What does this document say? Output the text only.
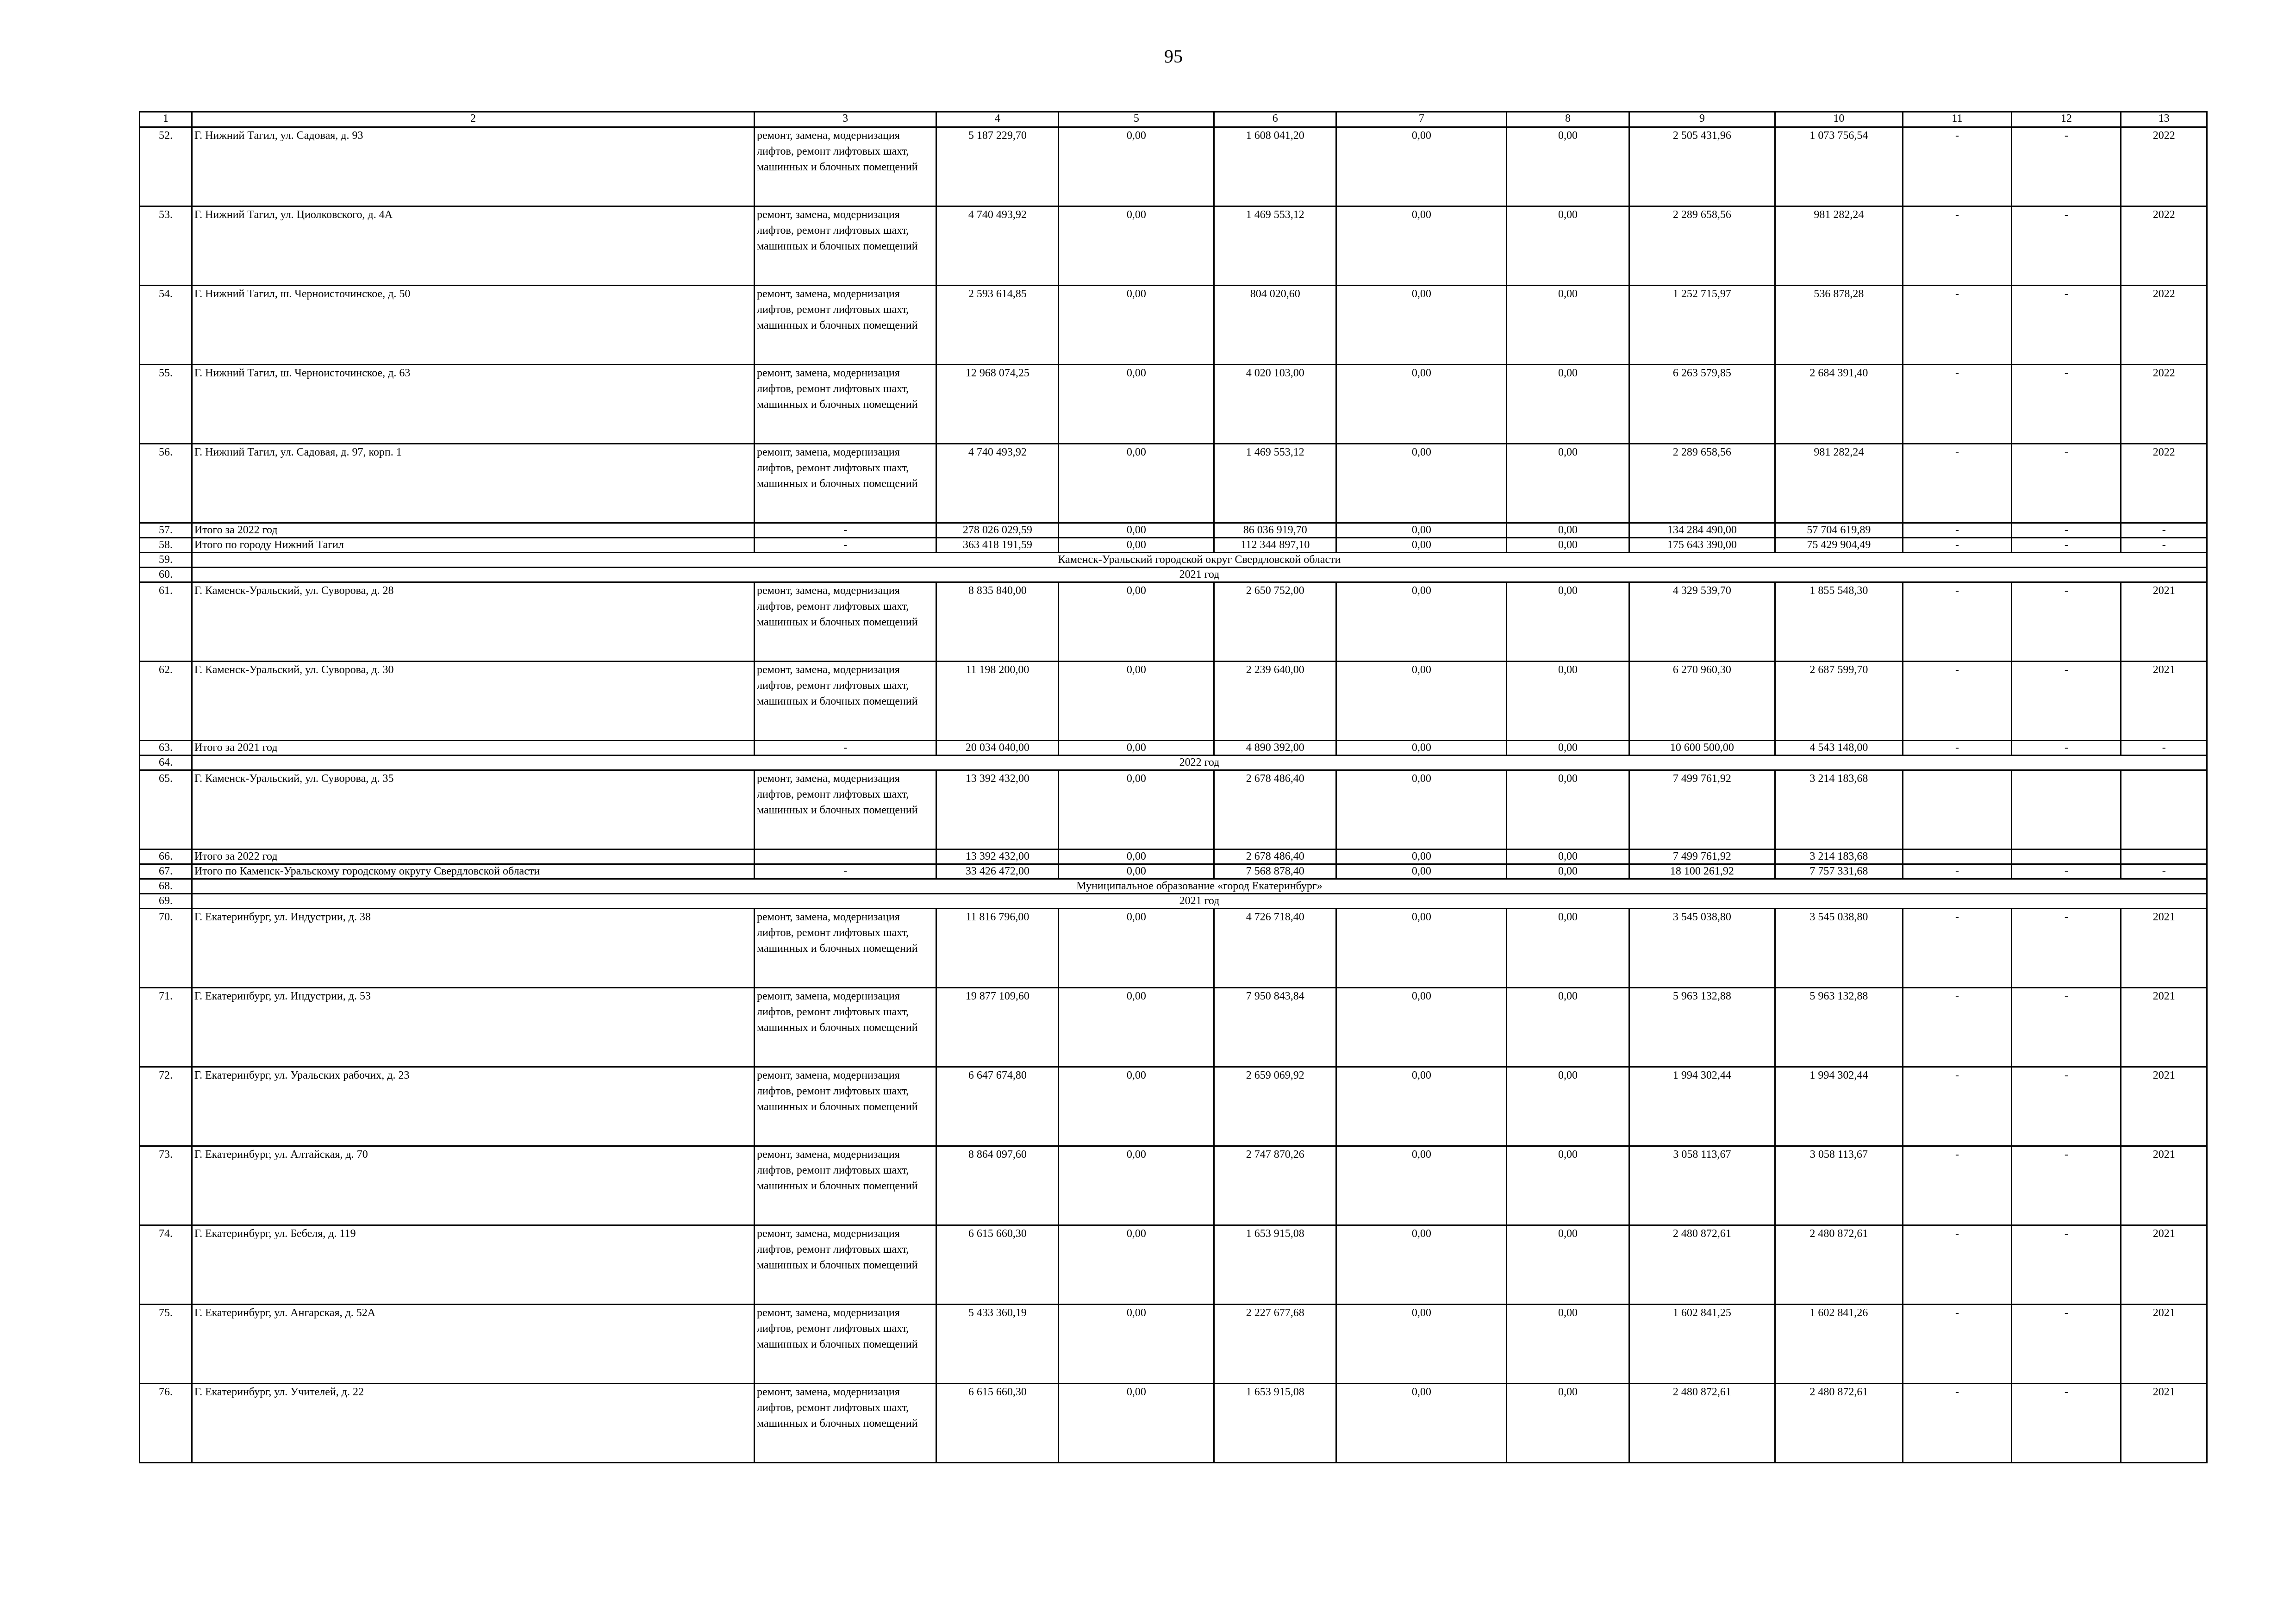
95
1	2	3	4	5	6	7	8	9	10	11	12	13
52.	Г. Нижний Тагил, ул. Садовая, д. 93	ремонт, замена, модернизация лифтов, ремонт лифтовых шахт, машинных и блочных помещений	5 187 229,70	0,00	1 608 041,20	0,00	0,00	2 505 431,96	1 073 756,54	-	-	2022
53.	Г. Нижний Тагил, ул. Циолковского, д. 4А	ремонт, замена, модернизация лифтов, ремонт лифтовых шахт, машинных и блочных помещений	4 740 493,92	0,00	1 469 553,12	0,00	0,00	2 289 658,56	981 282,24	-	-	2022
54.	Г. Нижний Тагил, ш. Черноисточинское, д. 50	ремонт, замена, модернизация лифтов, ремонт лифтовых шахт, машинных и блочных помещений	2 593 614,85	0,00	804 020,60	0,00	0,00	1 252 715,97	536 878,28	-	-	2022
55.	Г. Нижний Тагил, ш. Черноисточинское, д. 63	ремонт, замена, модернизация лифтов, ремонт лифтовых шахт, машинных и блочных помещений	12 968 074,25	0,00	4 020 103,00	0,00	0,00	6 263 579,85	2 684 391,40	-	-	2022
56.	Г. Нижний Тагил, ул. Садовая, д. 97, корп. 1	ремонт, замена, модернизация лифтов, ремонт лифтовых шахт, машинных и блочных помещений	4 740 493,92	0,00	1 469 553,12	0,00	0,00	2 289 658,56	981 282,24	-	-	2022
57.	Итого за 2022 год	-	278 026 029,59	0,00	86 036 919,70	0,00	0,00	134 284 490,00	57 704 619,89	-	-	-
58.	Итого по городу Нижний Тагил	-	363 418 191,59	0,00	112 344 897,10	0,00	0,00	175 643 390,00	75 429 904,49	-	-	-
59.	Каменск-Уральский городской округ Свердловской области											
60.	2021 год											
61.	Г. Каменск-Уральский, ул. Суворова, д. 28	ремонт, замена, модернизация лифтов, ремонт лифтовых шахт, машинных и блочных помещений	8 835 840,00	0,00	2 650 752,00	0,00	0,00	4 329 539,70	1 855 548,30	-	-	2021
62.	Г. Каменск-Уральский, ул. Суворова, д. 30	ремонт, замена, модернизация лифтов, ремонт лифтовых шахт, машинных и блочных помещений	11 198 200,00	0,00	2 239 640,00	0,00	0,00	6 270 960,30	2 687 599,70	-	-	2021
63.	Итого за 2021 год	-	20 034 040,00	0,00	4 890 392,00	0,00	0,00	10 600 500,00	4 543 148,00	-	-	-
64.	2022 год											
65.	Г. Каменск-Уральский, ул. Суворова, д. 35	ремонт, замена, модернизация лифтов, ремонт лифтовых шахт, машинных и блочных помещений	13 392 432,00	0,00	2 678 486,40	0,00	0,00	7 499 761,92	3 214 183,68			
66.	Итого за 2022 год		13 392 432,00	0,00	2 678 486,40	0,00	0,00	7 499 761,92	3 214 183,68			
67.	Итого по Каменск-Уральскому городскому округу Свердловской области	-	33 426 472,00	0,00	7 568 878,40	0,00	0,00	18 100 261,92	7 757 331,68	-	-	-
68.	Муниципальное образование «город Екатеринбург»											
69.	2021 год											
70.	Г. Екатеринбург, ул. Индустрии, д. 38	ремонт, замена, модернизация лифтов, ремонт лифтовых шахт, машинных и блочных помещений	11 816 796,00	0,00	4 726 718,40	0,00	0,00	3 545 038,80	3 545 038,80	-	-	2021
71.	Г. Екатеринбург, ул. Индустрии, д. 53	ремонт, замена, модернизация лифтов, ремонт лифтовых шахт, машинных и блочных помещений	19 877 109,60	0,00	7 950 843,84	0,00	0,00	5 963 132,88	5 963 132,88	-	-	2021
72.	Г. Екатеринбург, ул. Уральских рабочих, д. 23	ремонт, замена, модернизация лифтов, ремонт лифтовых шахт, машинных и блочных помещений	6 647 674,80	0,00	2 659 069,92	0,00	0,00	1 994 302,44	1 994 302,44	-	-	2021
73.	Г. Екатеринбург, ул. Алтайская, д. 70	ремонт, замена, модернизация лифтов, ремонт лифтовых шахт, машинных и блочных помещений	8 864 097,60	0,00	2 747 870,26	0,00	0,00	3 058 113,67	3 058 113,67	-	-	2021
74.	Г. Екатеринбург, ул. Бебеля, д. 119	ремонт, замена, модернизация лифтов, ремонт лифтовых шахт, машинных и блочных помещений	6 615 660,30	0,00	1 653 915,08	0,00	0,00	2 480 872,61	2 480 872,61	-	-	2021
75.	Г. Екатеринбург, ул. Ангарская, д. 52А	ремонт, замена, модернизация лифтов, ремонт лифтовых шахт, машинных и блочных помещений	5 433 360,19	0,00	2 227 677,68	0,00	0,00	1 602 841,25	1 602 841,26	-	-	2021
76.	Г. Екатеринбург, ул. Учителей, д. 22	ремонт, замена, модернизация лифтов, ремонт лифтовых шахт, машинных и блочных помещений	6 615 660,30	0,00	1 653 915,08	0,00	0,00	2 480 872,61	2 480 872,61	-	-	2021
